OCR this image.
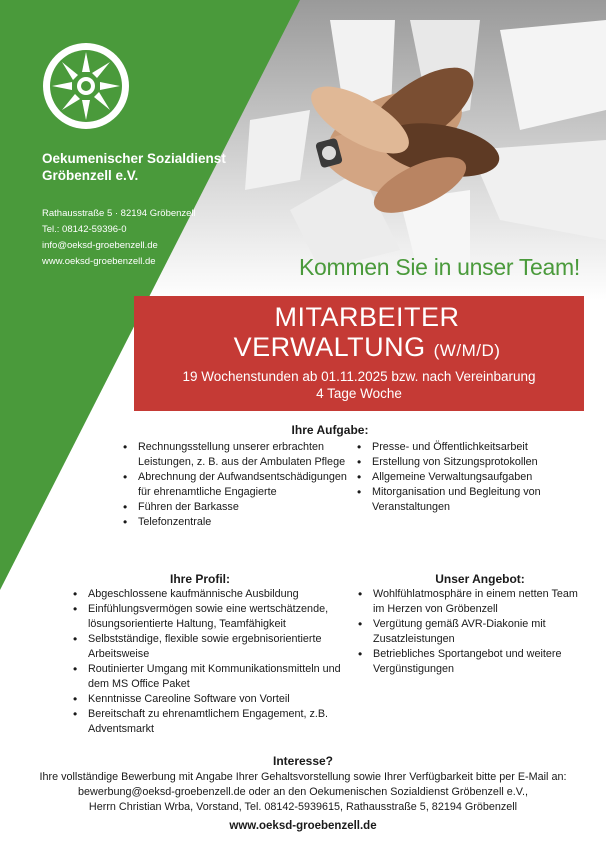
Oekumenischer Sozialdienst
Gröbenzell e.V.
Rathausstraße 5 · 82194 Gröbenzell
Tel.: 08142-59396-0
info@oeksd-groebenzell.de
www.oeksd-groebenzell.de	Kommen Sie in unser Team!
MITARBEITER
VERWALTUNG (W/M/D)
19 Wochenstunden ab 01.11.2025 bzw. nach Vereinbarung
4 Tage Woche
Ihre Aufgabe:
• Rechnungsstellung unserer erbrachten Leistungen, z. B. aus der Ambulaten Pflege
• Abrechnung der Aufwandsentschädigungen für ehrenamtliche Engagierte
• Führen der Barkasse
• Telefonzentrale
• Presse- und Öffentlichkeitsarbeit
• Erstellung von Sitzungsprotokollen
• Allgemeine Verwaltungsaufgaben
• Mitorganisation und Begleitung von Veranstaltungen
Ihre Profil:
• Abgeschlossene kaufmännische Ausbildung
• Einfühlungsvermögen sowie eine wertschätzende, lösungsorientierte Haltung, Teamfähigkeit
• Selbstständige, flexible sowie ergebnisorientierte Arbeitsweise
• Routinierter Umgang mit Kommunikationsmitteln und dem MS Office Paket
• Kenntnisse Careoline Software von Vorteil
• Bereitschaft zu ehrenamtlichem Engagement, z.B. Adventsmarkt
Unser Angebot:
• Wohlfühlatmosphäre in einem netten Team im Herzen von Gröbenzell
• Vergütung gemäß AVR-Diakonie mit Zusatzleistungen
• Betriebliches Sportangebot und weitere Vergünstigungen
Interesse?
Ihre vollständige Bewerbung mit Angabe Ihrer Gehaltsvorstellung sowie Ihrer Verfügbarkeit bitte per E-Mail an:
bewerbung@oeksd-groebenzell.de oder an den Oekumenischen Sozialdienst Gröbenzell e.V.,
Herrn Christian Wrba, Vorstand, Tel. 08142-5939615, Rathausstraße 5, 82194 Gröbenzell
www.oeksd-groebenzell.de
